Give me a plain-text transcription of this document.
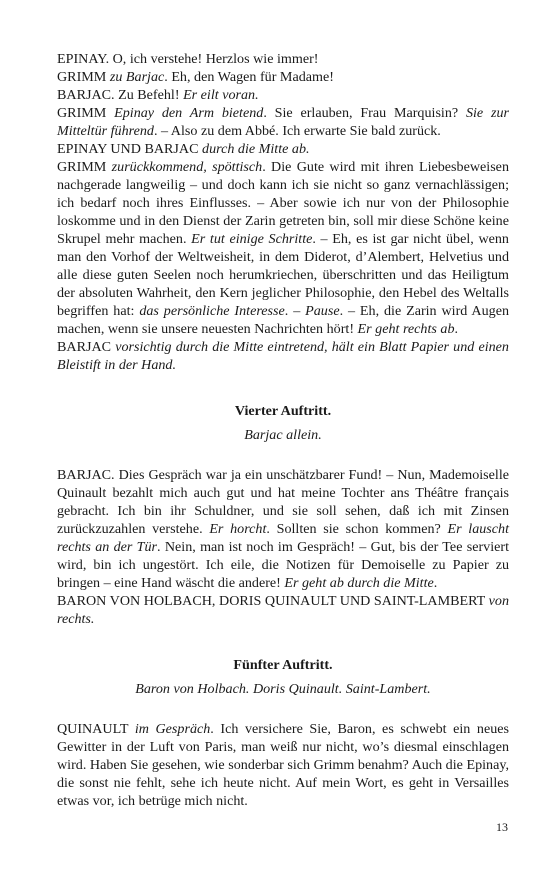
EPINAY. O, ich verstehe! Herzlos wie immer!

GRIMM zu Barjac. Eh, den Wagen für Madame!

BARJAC. Zu Befehl! Er eilt voran.

GRIMM Epinay den Arm bietend. Sie erlauben, Frau Marquisin? Sie zur Mitteltür führend. – Also zu dem Abbé. Ich erwarte Sie bald zurück.

EPINAY UND BARJAC durch die Mitte ab.

GRIMM zurückkommend, spöttisch. Die Gute wird mit ihren Liebesbeweisen nachgerade langweilig – und doch kann ich sie nicht so ganz vernachlässigen; ich bedarf noch ihres Einflusses. – Aber sowie ich nur von der Philosophie loskomme und in den Dienst der Zarin getreten bin, soll mir diese Schöne keine Skrupel mehr machen. Er tut einige Schritte. – Eh, es ist gar nicht übel, wenn man den Vorhof der Weltweisheit, in dem Diderot, d’Alembert, Helvetius und alle diese guten Seelen noch herumkriechen, überschritten und das Heiligtum der absoluten Wahrheit, den Kern jeglicher Philosophie, den Hebel des Weltalls begriffen hat: das persönliche Interesse. – Pause. – Eh, die Zarin wird Augen machen, wenn sie unsere neuesten Nachrichten hört! Er geht rechts ab.

BARJAC vorsichtig durch die Mitte eintretend, hält ein Blatt Papier und einen Bleistift in der Hand.

Vierter Auftritt.
Barjac allein.

BARJAC. Dies Gespräch war ja ein unschätzbarer Fund! – Nun, Mademoiselle Quinault bezahlt mich auch gut und hat meine Tochter ans Théâtre français gebracht. Ich bin ihr Schuldner, und sie soll sehen, daß ich mit Zinsen zurückzuzahlen verstehe. Er horcht. Sollten sie schon kommen? Er lauscht rechts an der Tür. Nein, man ist noch im Gespräch! – Gut, bis der Tee serviert wird, bin ich ungestört. Ich eile, die Notizen für Demoiselle zu Papier zu bringen – eine Hand wäscht die andere! Er geht ab durch die Mitte.

BARON VON HOLBACH, DORIS QUINAULT UND SAINT-LAMBERT von rechts.

Fünfter Auftritt.
Baron von Holbach. Doris Quinault. Saint-Lambert.

QUINAULT im Gespräch. Ich versichere Sie, Baron, es schwebt ein neues Gewitter in der Luft von Paris, man weiß nur nicht, wo’s diesmal einschlagen wird. Haben Sie gesehen, wie sonderbar sich Grimm benahm? Auch die Epinay, die sonst nie fehlt, sehe ich heute nicht. Auf mein Wort, es geht in Versailles etwas vor, ich betrüge mich nicht.

13
